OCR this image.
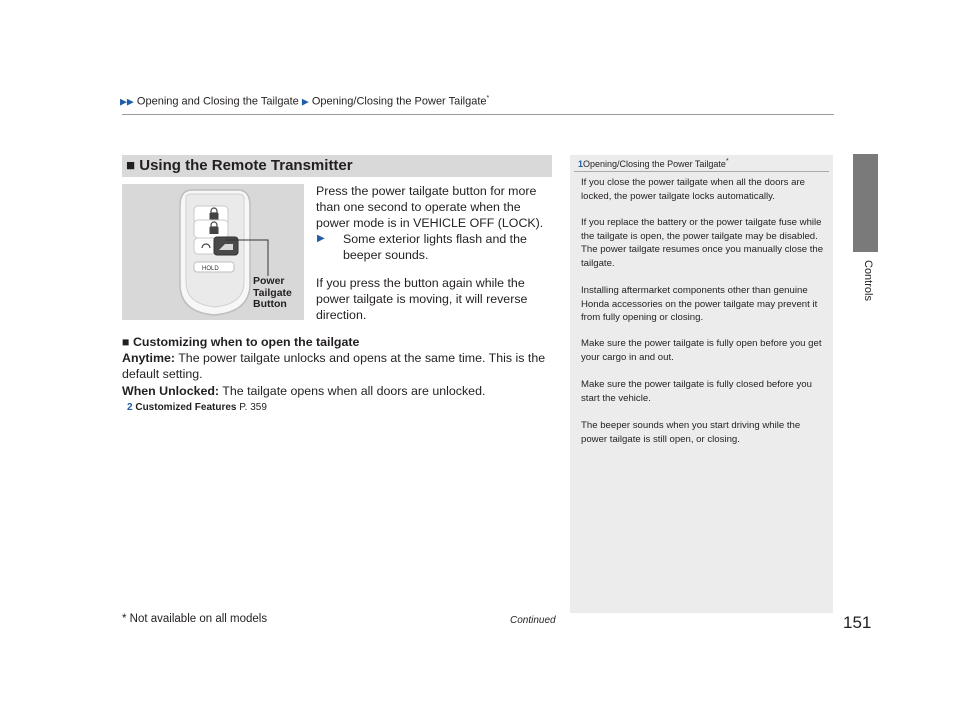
▶▶ Opening and Closing the Tailgate ▶ Opening/Closing the Power Tailgate*
Controls
■ Using the Remote Transmitter
HOLD
Power
Tailgate
Button
Press the power tailgate button for more than one second to operate when the power mode is in VEHICLE OFF (LOCK).
▶	Some exterior lights flash and the beeper sounds.
If you press the button again while the power tailgate is moving, it will reverse direction.
■ Customizing when to open the tailgate
Anytime: The power tailgate unlocks and opens at the same time. This is the default setting.
When Unlocked: The tailgate opens when all doors are unlocked.
2 Customized Features P. 359
1Opening/Closing the Power Tailgate*
If you close the power tailgate when all the doors are locked, the power tailgate locks automatically.
If you replace the battery or the power tailgate fuse while the tailgate is open, the power tailgate may be disabled. The power tailgate resumes once you manually close the tailgate.
Installing aftermarket components other than genuine Honda accessories on the power tailgate may prevent it from fully opening or closing.
Make sure the power tailgate is fully open before you get your cargo in and out.
Make sure the power tailgate is fully closed before you start the vehicle.
The beeper sounds when you start driving while the power tailgate is still open, or closing.
* Not available on all models	Continued	151
